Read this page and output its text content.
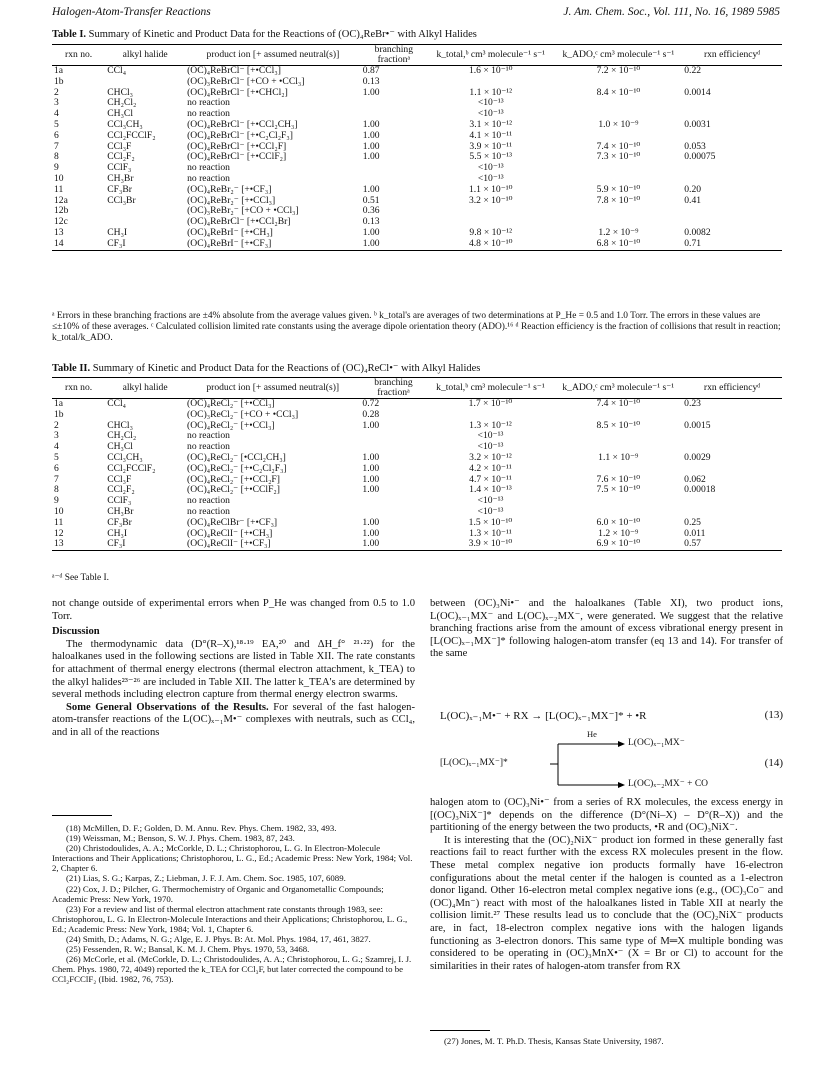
Halogen-Atom-Transfer Reactions	J. Am. Chem. Soc., Vol. 111, No. 16, 1989 5985
Table I. Summary of Kinetic and Product Data for the Reactions of (OC)₄ReBr•⁻ with Alkyl Halides
rxn no.	alkyl halide	product ion [+ assumed neutral(s)]	branching fractionᵃ	k_total,ᵇ cm³ molecule⁻¹ s⁻¹	k_ADO,ᶜ cm³ molecule⁻¹ s⁻¹	rxn efficiencyᵈ
1a	CCl₄	(OC)₄ReBrCl⁻ [+•CCl₃]	0.87	1.6 × 10⁻¹⁰	7.2 × 10⁻¹⁰	0.22
1b		(OC)₃ReBrCl⁻ [+CO + •CCl₃]	0.13			
2	CHCl₃	(OC)₄ReBrCl⁻ [+•CHCl₂]	1.00	1.1 × 10⁻¹²	8.4 × 10⁻¹⁰	0.0014
3	CH₂Cl₂	no reaction		<10⁻¹³		
4	CH₃Cl	no reaction		<10⁻¹³		
5	CCl₃CH₃	(OC)₄ReBrCl⁻ [+•CCl₂CH₃]	1.00	3.1 × 10⁻¹²	1.0 × 10⁻⁹	0.0031
6	CCl₂FCClF₂	(OC)₄ReBrCl⁻ [+•C₂Cl₂F₃]	1.00	4.1 × 10⁻¹¹		
7	CCl₃F	(OC)₄ReBrCl⁻ [+•CCl₂F]	1.00	3.9 × 10⁻¹¹	7.4 × 10⁻¹⁰	0.053
8	CCl₂F₂	(OC)₄ReBrCl⁻ [+•CClF₂]	1.00	5.5 × 10⁻¹³	7.3 × 10⁻¹⁰	0.00075
9	CClF₃	no reaction		<10⁻¹³		
10	CH₃Br	no reaction		<10⁻¹³		
11	CF₃Br	(OC)₄ReBr₂⁻ [+•CF₃]	1.00	1.1 × 10⁻¹⁰	5.9 × 10⁻¹⁰	0.20
12a	CCl₃Br	(OC)₄ReBr₂⁻ [+•CCl₃]	0.51	3.2 × 10⁻¹⁰	7.8 × 10⁻¹⁰	0.41
12b		(OC)₃ReBr₂⁻ [+CO + •CCl₃]	0.36			
12c		(OC)₄ReBrCl⁻ [+•CCl₂Br]	0.13			
13	CH₃I	(OC)₄ReBrI⁻ [+•CH₃]	1.00	9.8 × 10⁻¹²	1.2 × 10⁻⁹	0.0082
14	CF₃I	(OC)₄ReBrI⁻ [+•CF₃]	1.00	4.8 × 10⁻¹⁰	6.8 × 10⁻¹⁰	0.71
ᵃ Errors in these branching fractions are ±4% absolute from the average values given. ᵇ k_total's are averages of two determinations at P_He = 0.5 and 1.0 Torr. The errors in these values are ≤±10% of these averages. ᶜ Calculated collision limited rate constants using the average dipole orientation theory (ADO).¹⁶ ᵈ Reaction efficiency is the fraction of collisions that result in reaction; k_total/k_ADO.
Table II. Summary of Kinetic and Product Data for the Reactions of (OC)₄ReCl•⁻ with Alkyl Halides
rxn no.	alkyl halide	product ion [+ assumed neutral(s)]	branching fractionᵃ	k_total,ᵇ cm³ molecule⁻¹ s⁻¹	k_ADO,ᶜ cm³ molecule⁻¹ s⁻¹	rxn efficiencyᵈ
1a	CCl₄	(OC)₄ReCl₂⁻ [+•CCl₃]	0.72	1.7 × 10⁻¹⁰	7.4 × 10⁻¹⁰	0.23
1b		(OC)₃ReCl₂⁻ [+CO + •CCl₃]	0.28			
2	CHCl₃	(OC)₄ReCl₂⁻ [+•CCl₃]	1.00	1.3 × 10⁻¹²	8.5 × 10⁻¹⁰	0.0015
3	CH₂Cl₂	no reaction		<10⁻¹³		
4	CH₃Cl	no reaction		<10⁻¹³		
5	CCl₃CH₃	(OC)₄ReCl₂⁻ [•CCl₂CH₃]	1.00	3.2 × 10⁻¹²	1.1 × 10⁻⁹	0.0029
6	CCl₂FCClF₂	(OC)₄ReCl₂⁻ [+•C₂Cl₂F₃]	1.00	4.2 × 10⁻¹¹		
7	CCl₃F	(OC)₄ReCl₂⁻ [+•CCl₂F]	1.00	4.7 × 10⁻¹¹	7.6 × 10⁻¹⁰	0.062
8	CCl₂F₂	(OC)₄ReCl₂⁻ [+•CClF₂]	1.00	1.4 × 10⁻¹³	7.5 × 10⁻¹⁰	0.00018
9	CClF₃	no reaction		<10⁻¹³		
10	CH₃Br	no reaction		<10⁻¹³		
11	CF₃Br	(OC)₄ReClBr⁻ [+•CF₃]	1.00	1.5 × 10⁻¹⁰	6.0 × 10⁻¹⁰	0.25
12	CH₃I	(OC)₄ReClI⁻ [+•CH₃]	1.00	1.3 × 10⁻¹¹	1.2 × 10⁻⁹	0.011
13	CF₃I	(OC)₄ReClI⁻ [+•CF₃]	1.00	3.9 × 10⁻¹⁰	6.9 × 10⁻¹⁰	0.57
ᵃ⁻ᵈ See Table I.

not change outside of experimental errors when P_He was changed from 0.5 to 1.0 Torr.

Discussion

The thermodynamic data (D°(R–X),¹⁸·¹⁹ EA,²⁰ and ΔH_f° ²¹·²²) for the haloalkanes used in the following sections are listed in Table XII. The rate constants for attachment of thermal energy electrons (thermal electron attachment, k_TEA) to the alkyl halides²³⁻²⁶ are included in Table XII. The latter k_TEA's are determined by several methods including electron capture from thermal energy electron swarms.

Some General Observations of the Results. For several of the fast halogen-atom-transfer reactions of the L(OC)ₓ₋₁M•⁻ complexes with neutrals, such as CCl₄, and in all of the reactions

(18) McMillen, D. F.; Golden, D. M. Annu. Rev. Phys. Chem. 1982, 33, 493.

(19) Weissman, M.; Benson, S. W. J. Phys. Chem. 1983, 87, 243.

(20) Christodoulides, A. A.; McCorkle, D. L.; Christophorou, L. G. In Electron-Molecule Interactions and Their Applications; Christophorou, L. G., Ed.; Academic Press: New York, 1984; Vol. 2, Chapter 6.

(21) Lias, S. G.; Karpas, Z.; Liebman, J. F. J. Am. Chem. Soc. 1985, 107, 6089.

(22) Cox, J. D.; Pilcher, G. Thermochemistry of Organic and Organometallic Compounds; Academic Press: New York, 1970.

(23) For a review and list of thermal electron attachment rate constants through 1983, see: Christophorou, L. G. In Electron-Molecule Interactions and their Applications; Christophorou, L. G., Ed.; Academic Press: New York, 1984; Vol. 1, Chapter 6.

(24) Smith, D.; Adams, N. G.; Alge, E. J. Phys. B: At. Mol. Phys. 1984, 17, 461, 3827.

(25) Fessenden, R. W.; Bansal, K. M. J. Chem. Phys. 1970, 53, 3468.

(26) McCorle, et al. (McCorkle, D. L.; Christodoulides, A. A.; Christophorou, L. G.; Szamrej, I. J. Chem. Phys. 1980, 72, 4049) reported the k_TEA for CCl₃F, but later corrected the compound to be CCl₂FCClF₂ (Ibid. 1982, 76, 753).

between (OC)₃Ni•⁻ and the haloalkanes (Table XI), two product ions, L(OC)ₓ₋₁MX⁻ and L(OC)ₓ₋₂MX⁻, were generated. We suggest that the relative branching fractions arise from the amount of excess vibrational energy present in [L(OC)ₓ₋₁MX⁻]* following halogen-atom transfer (eq 13 and 14). For transfer of the same

L(OC)ₓ₋₁M•⁻ + RX → [L(OC)ₓ₋₁MX⁻]* + •R	(13)
[L(OC)ₓ₋₁MX⁻]*
He
L(OC)ₓ₋₁MX⁻
L(OC)ₓ₋₂MX⁻ + CO
(14)

halogen atom to (OC)₃Ni•⁻ from a series of RX molecules, the excess energy in [(OC)₃NiX⁻]* depends on the difference (D°(Ni–X) – D°(R–X)) and the partitioning of the energy between the two products, •R and (OC)₃NiX⁻.

It is interesting that the (OC)₂NiX⁻ product ion formed in these generally fast reactions fail to react further with the excess RX molecules present in the flow. These metal complex negative ion products formally have 16-electron configurations about the metal center if the halogen is counted as a 1-electron donor ligand. Other 16-electron metal complex negative ions (e.g., (OC)₃Co⁻ and (OC)₄Mn⁻) react with most of the haloalkanes listed in Table XII at nearly the collision limit.²⁷ These results lead us to conclude that the (OC)₂NiX⁻ products are, in fact, 18-electron complex negative ions with the halogen ligands functioning as 3-electron donors. This same type of M═X multiple bonding was considered to be operating in (OC)₃MnX•⁻ (X = Br or Cl) to account for the similarities in their rates of halogen-atom transfer from RX

(27) Jones, M. T. Ph.D. Thesis, Kansas State University, 1987.
